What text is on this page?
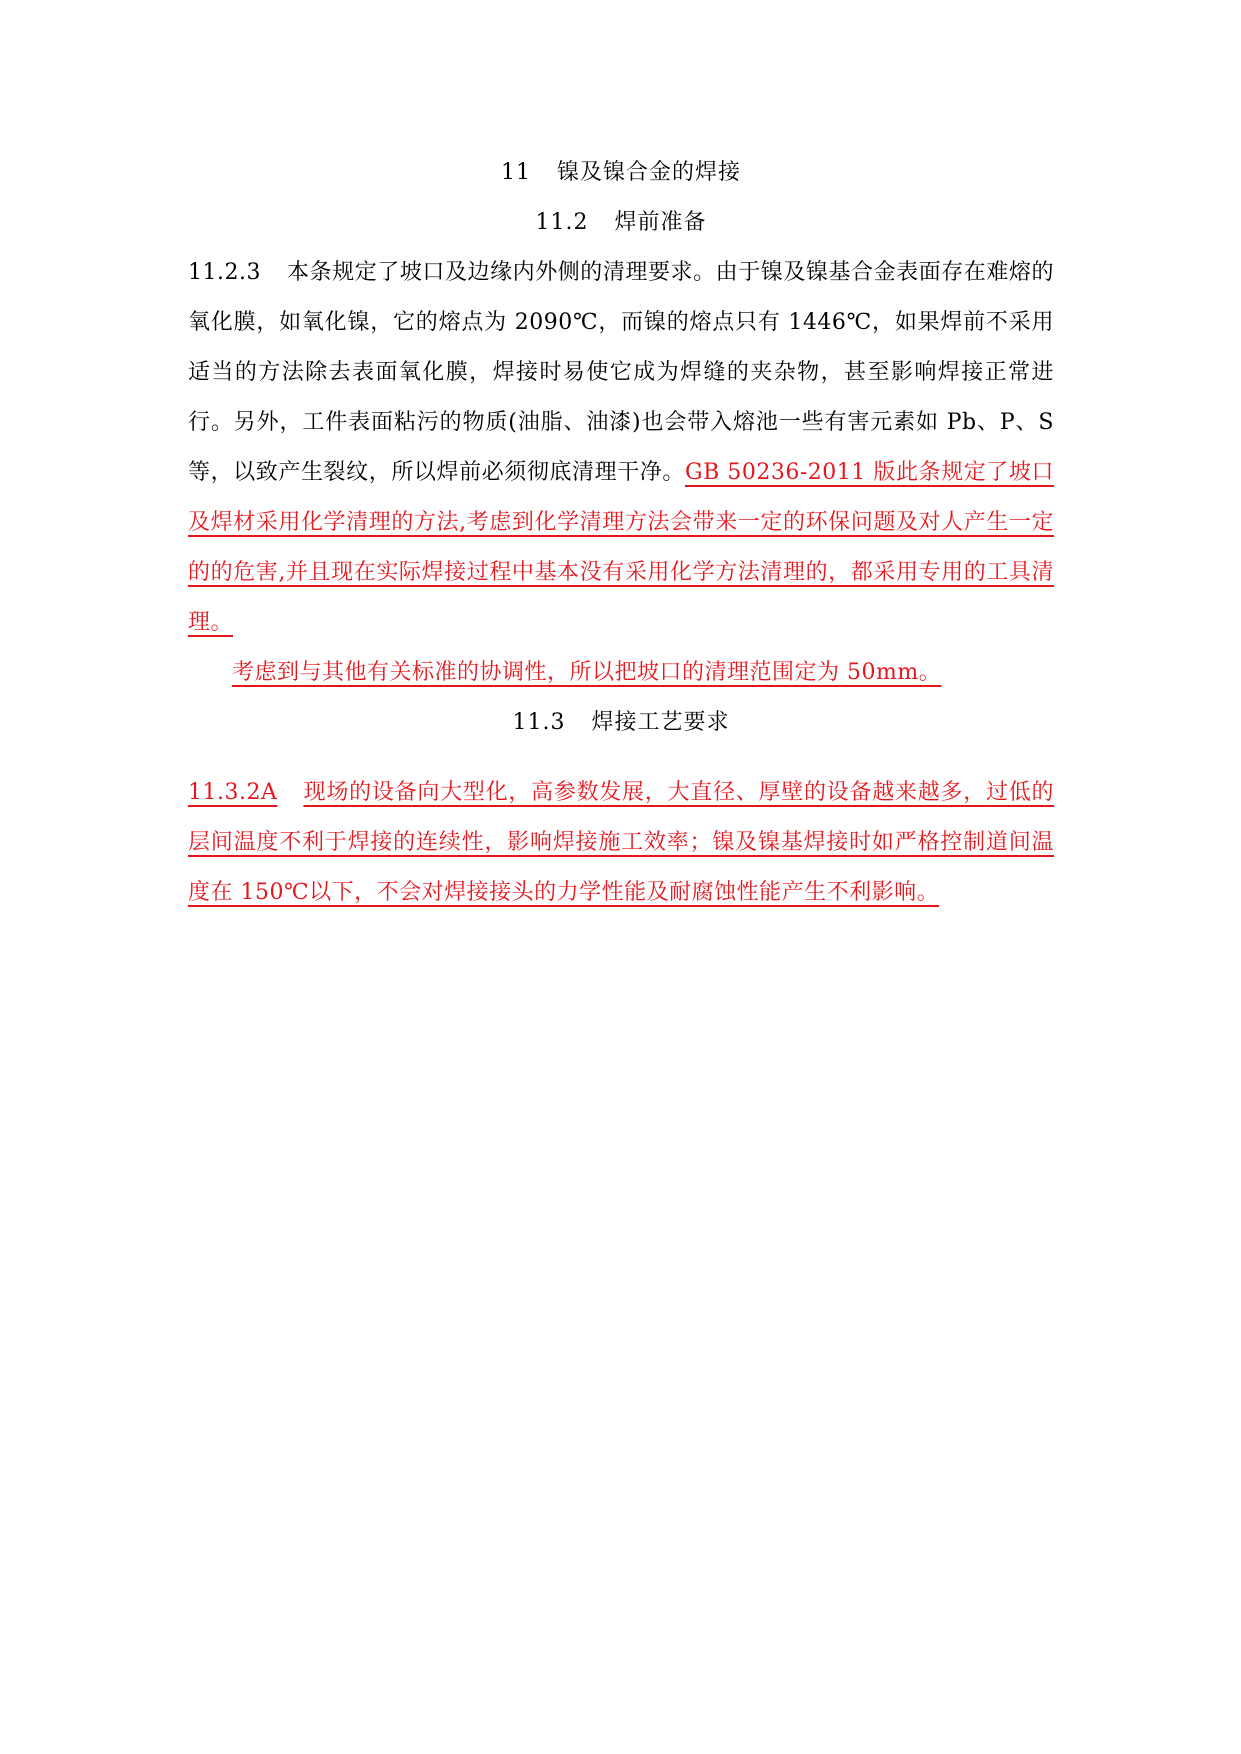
11 镍及镍合金的焊接
11.2 焊前准备

11.2.3 本条规定了坡口及边缘内外侧的清理要求。由于镍及镍基合金表面存在难熔的氧化膜，如氧化镍，它的熔点为 2090℃，而镍的熔点只有 1446℃，如果焊前不采用适当的方法除去表面氧化膜，焊接时易使它成为焊缝的夹杂物，甚至影响焊接正常进行。另外，工件表面粘污的物质(油脂、油漆)也会带入熔池一些有害元素如 Pb、P、S 等，以致产生裂纹，所以焊前必须彻底清理干净。GB 50236-2011 版此条规定了坡口及焊材采用化学清理的方法,考虑到化学清理方法会带来一定的环保问题及对人产生一定的的危害,并且现在实际焊接过程中基本没有采用化学方法清理的，都采用专用的工具清理。

考虑到与其他有关标准的协调性，所以把坡口的清理范围定为 50mm。

11.3 焊接工艺要求

11.3.2A 现场的设备向大型化，高参数发展，大直径、厚壁的设备越来越多，过低的层间温度不利于焊接的连续性，影响焊接施工效率；镍及镍基焊接时如严格控制道间温度在 150℃以下，不会对焊接接头的力学性能及耐腐蚀性能产生不利影响。
